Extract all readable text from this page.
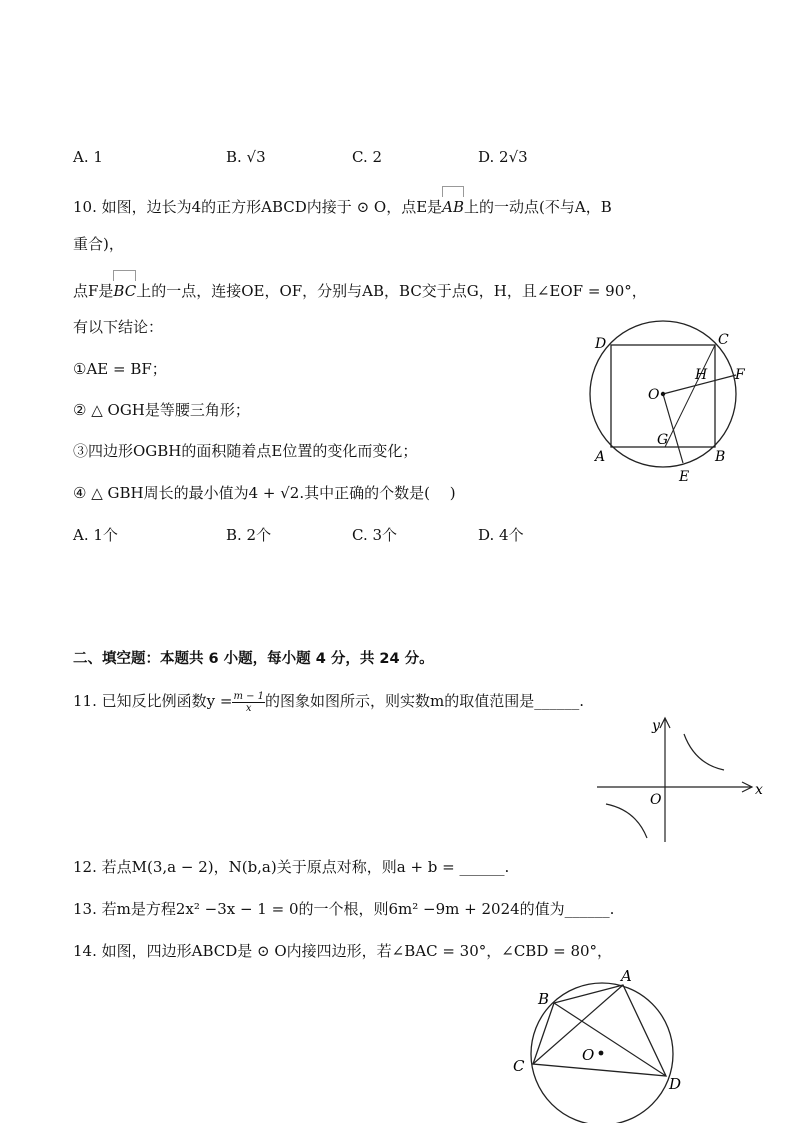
A. 1	B. √3	C. 2	D. 2√3
10. 如图，边长为4的正方形ABCD内接于 ⊙ O，点E是
AB上的一动点(不与A，B
重合)，
点F是
BC上的一点，连接OE，OF，分别与AB，BC交于点G，H，且∠EOF = 90°，
有以下结论：
①AE = BF；
② △ OGH是等腰三角形；
③四边形OGBH的面积随着点E位置的变化而变化；
④ △ GBH周长的最小值为4 + √2.其中正确的个数是(　 )
A. 1个	B. 2个	C. 3个	D. 4个
D	C
O
H F
G
A	B
E
二、填空题：本题共 6 小题，每小题 4 分，共 24 分。
11. 已知反比例函数$y = \frac{m - 1}{x}$ 的图象如图所示，则实数m的取值范围是______.
x
y
O
12. 若点M(3,a − 2)，N(b,a)关于原点对称，则a + b = ______.
13. 若m是方程2x² −3x − 1 = 0的一个根，则6m² −9m + 2024的值为______.
14. 如图，四边形ABCD是 ⊙ O内接四边形，若∠BAC = 30°，∠CBD = 80°，
A
B
C
D
O
